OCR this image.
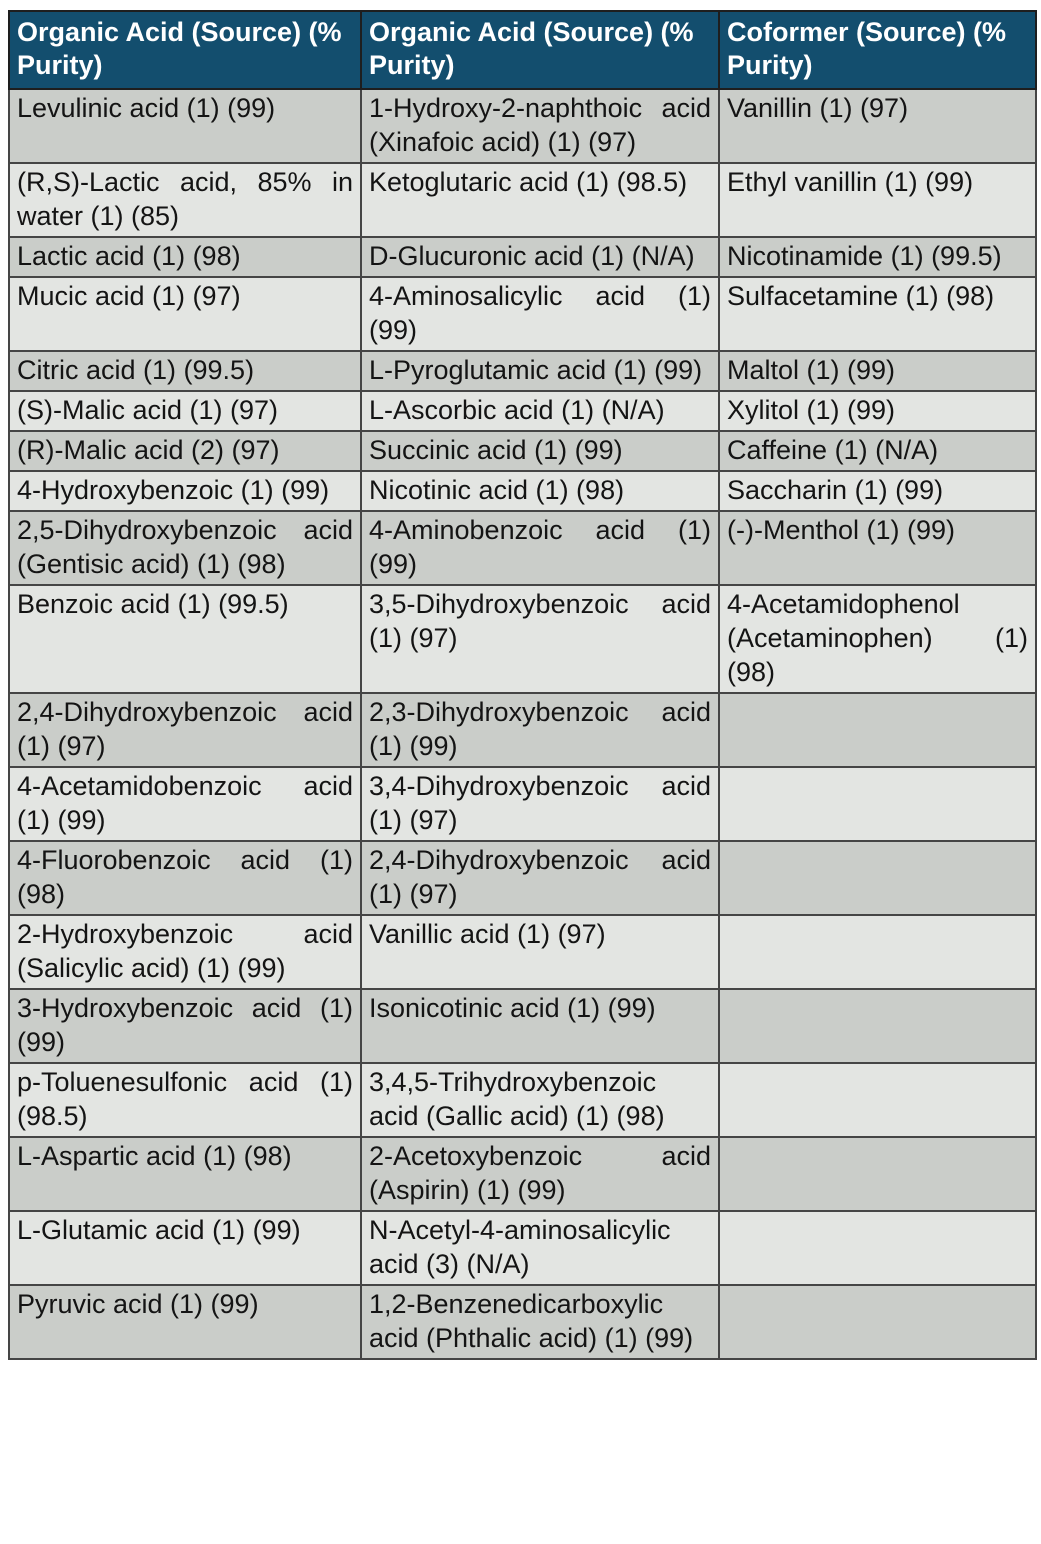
Organic Acid (Source) (% Purity)	Organic Acid (Source) (% Purity)	Coformer (Source) (% Purity)
Levulinic acid (1) (99)	1-Hydroxy-2-naphthoic acid (Xinafoic acid) (1) (97)	Vanillin (1) (97)
(R,S)-Lactic acid, 85% in water (1) (85)	Ketoglutaric acid (1) (98.5)	Ethyl vanillin (1) (99)
Lactic acid (1) (98)	D-Glucuronic acid (1) (N/A)	Nicotinamide (1) (99.5)
Mucic acid (1) (97)	4-Aminosalicylic acid (1) (99)	Sulfacetamine (1) (98)
Citric acid (1) (99.5)	L-Pyroglutamic acid (1) (99)	Maltol (1) (99)
(S)-Malic acid (1) (97)	L-Ascorbic acid (1) (N/A)	Xylitol (1) (99)
(R)-Malic acid (2) (97)	Succinic acid (1) (99)	Caffeine (1) (N/A)
4-Hydroxybenzoic (1) (99)	Nicotinic acid (1) (98)	Saccharin (1) (99)
2,5-Dihydroxybenzoic acid (Gentisic acid) (1) (98)	4-Aminobenzoic acid (1) (99)	(-)-Menthol (1) (99)
Benzoic acid (1) (99.5)	3,5-Dihydroxybenzoic acid (1) (97)	4-Acetamidophenol (Acetaminophen) (1) (98)
2,4-Dihydroxybenzoic acid (1) (97)	2,3-Dihydroxybenzoic acid (1) (99)	
4-Acetamidobenzoic acid (1) (99)	3,4-Dihydroxybenzoic acid (1) (97)	
4-Fluorobenzoic acid (1) (98)	2,4-Dihydroxybenzoic acid (1) (97)	
2-Hydroxybenzoic acid (Salicylic acid) (1) (99)	Vanillic acid (1) (97)	
3-Hydroxybenzoic acid (1) (99)	Isonicotinic acid (1) (99)	
p-Toluenesulfonic acid (1) (98.5)	3,4,5-Trihydroxybenzoic acid (Gallic acid) (1) (98)	
L-Aspartic acid (1) (98)	2-Acetoxybenzoic acid (Aspirin) (1) (99)	
L-Glutamic acid (1) (99)	N-Acetyl-4-aminosalicylic acid (3) (N/A)	
Pyruvic acid (1) (99)	1,2-Benzenedicarboxylic acid (Phthalic acid) (1) (99)	
